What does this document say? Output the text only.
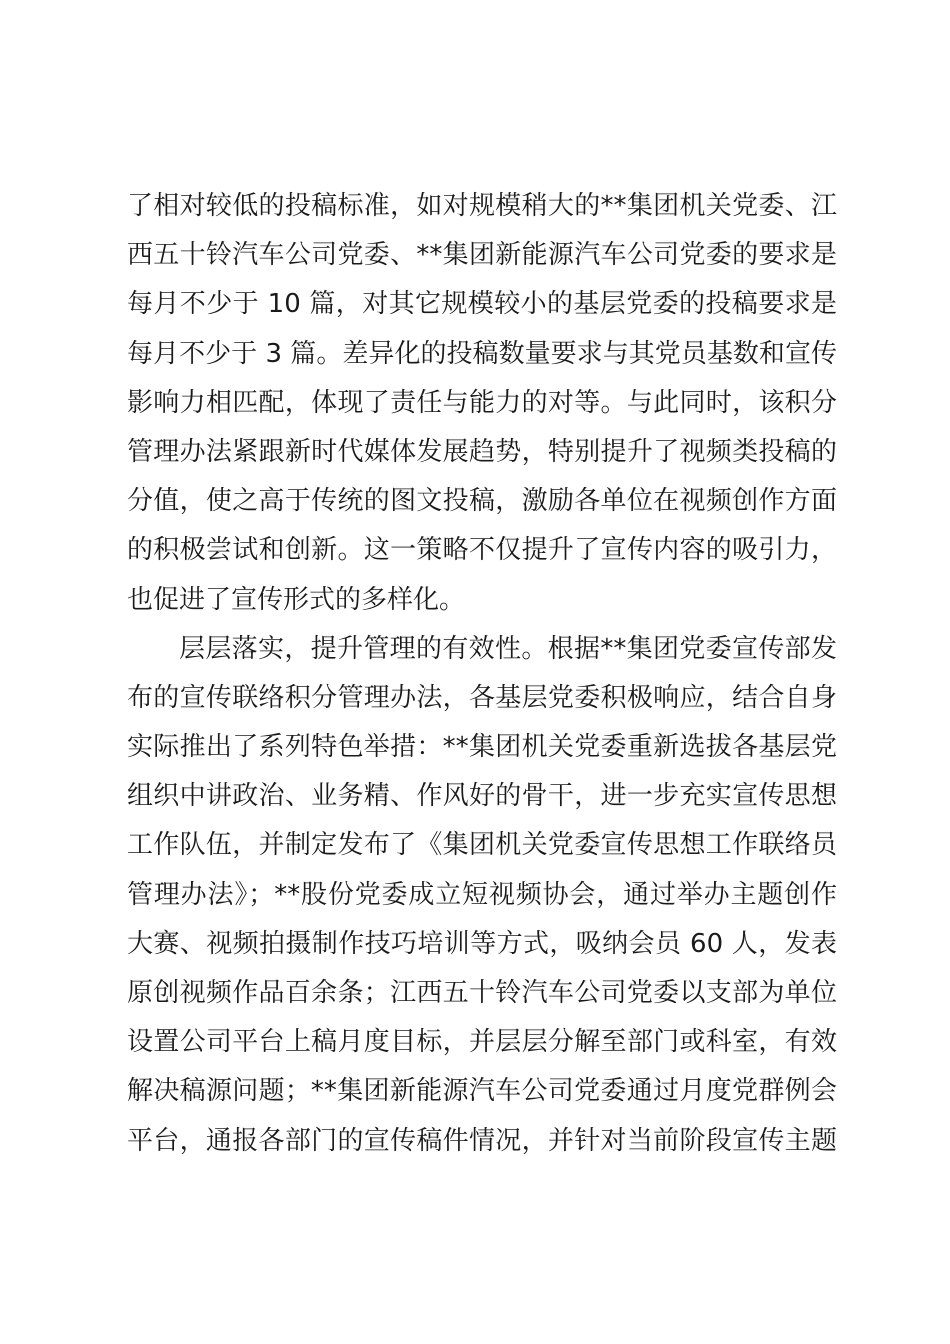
了相对较低的投稿标准，如对规模稍大的**集团机关党委、江
西五十铃汽车公司党委、**集团新能源汽车公司党委的要求是
每月不少于 10 篇，对其它规模较小的基层党委的投稿要求是
每月不少于 3 篇。差异化的投稿数量要求与其党员基数和宣传
影响力相匹配，体现了责任与能力的对等。与此同时，该积分
管理办法紧跟新时代媒体发展趋势，特别提升了视频类投稿的
分值，使之高于传统的图文投稿，激励各单位在视频创作方面
的积极尝试和创新。这一策略不仅提升了宣传内容的吸引力，
也促进了宣传形式的多样化。
层层落实，提升管理的有效性。根据**集团党委宣传部发
布的宣传联络积分管理办法，各基层党委积极响应，结合自身
实际推出了系列特色举措：**集团机关党委重新选拔各基层党
组织中讲政治、业务精、作风好的骨干，进一步充实宣传思想
工作队伍，并制定发布了《集团机关党委宣传思想工作联络员
管理办法》；**股份党委成立短视频协会，通过举办主题创作
大赛、视频拍摄制作技巧培训等方式，吸纳会员 60 人，发表
原创视频作品百余条；江西五十铃汽车公司党委以支部为单位
设置公司平台上稿月度目标，并层层分解至部门或科室，有效
解决稿源问题；**集团新能源汽车公司党委通过月度党群例会
平台，通报各部门的宣传稿件情况，并针对当前阶段宣传主题
